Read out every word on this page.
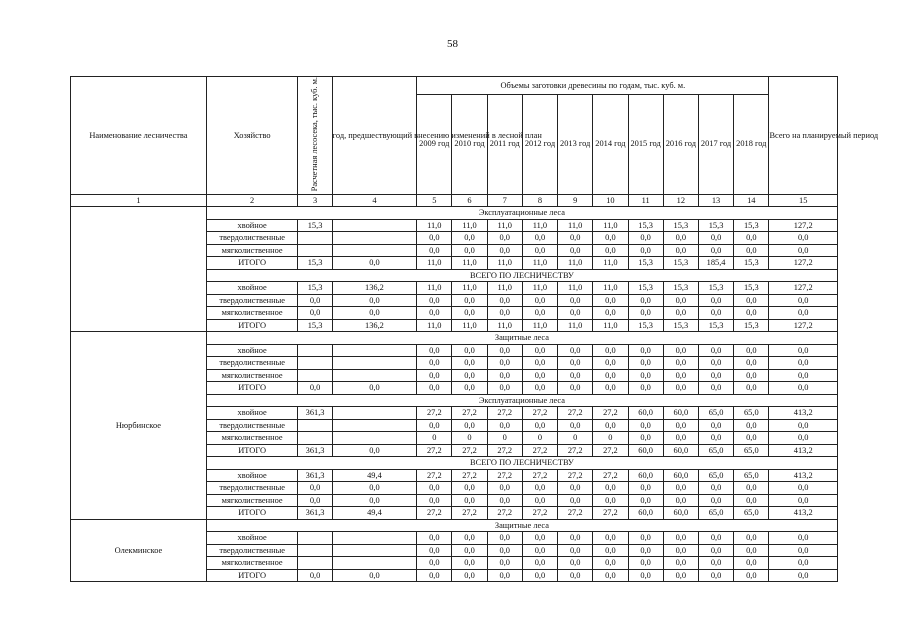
58
Наименование лесничества	Хозяйство	Расчетная лесосека, тыс. куб. м.	год, предшествующий внесению изменений в лесной план	Объемы заготовки древесины по годам, тыс. куб. м.										Всего на планируемый период
				2009 год	2010 год	2011 год	2012 год	2013 год	2014 год	2015 год	2016 год	2017 год	2018 год	
1	2	3	4	5	6	7	8	9	10	11	12	13	14	15
	Эксплуатационные леса													
	хвойное	15,3		11,0	11,0	11,0	11,0	11,0	11,0	15,3	15,3	15,3	15,3	127,2
	твердолиственные			0,0	0,0	0,0	0,0	0,0	0,0	0,0	0,0	0,0	0,0	0,0
	мягколиственное			0,0	0,0	0,0	0,0	0,0	0,0	0,0	0,0	0,0	0,0	0,0
	ИТОГО	15,3	0,0	11,0	11,0	11,0	11,0	11,0	11,0	15,3	15,3	185,4	15,3	127,2
	ВСЕГО ПО ЛЕСНИЧЕСТВУ													
	хвойное	15,3	136,2	11,0	11,0	11,0	11,0	11,0	11,0	15,3	15,3	15,3	15,3	127,2
	твердолиственные	0,0	0,0	0,0	0,0	0,0	0,0	0,0	0,0	0,0	0,0	0,0	0,0	0,0
	мягколиственное	0,0	0,0	0,0	0,0	0,0	0,0	0,0	0,0	0,0	0,0	0,0	0,0	0,0
	ИТОГО	15,3	136,2	11,0	11,0	11,0	11,0	11,0	11,0	15,3	15,3	15,3	15,3	127,2
Нюрбинское	Защитные леса													
	хвойное			0,0	0,0	0,0	0,0	0,0	0,0	0,0	0,0	0,0	0,0	0,0
	твердолиственные			0,0	0,0	0,0	0,0	0,0	0,0	0,0	0,0	0,0	0,0	0,0
	мягколиственное			0,0	0,0	0,0	0,0	0,0	0,0	0,0	0,0	0,0	0,0	0,0
	ИТОГО	0,0	0,0	0,0	0,0	0,0	0,0	0,0	0,0	0,0	0,0	0,0	0,0	0,0
	Эксплуатационные леса													
	хвойное	361,3		27,2	27,2	27,2	27,2	27,2	27,2	60,0	60,0	65,0	65,0	413,2
	твердолиственные			0,0	0,0	0,0	0,0	0,0	0,0	0,0	0,0	0,0	0,0	0,0
	мягколиственное			0	0	0	0	0	0	0,0	0,0	0,0	0,0	0,0
	ИТОГО	361,3	0,0	27,2	27,2	27,2	27,2	27,2	27,2	60,0	60,0	65,0	65,0	413,2
	ВСЕГО ПО ЛЕСНИЧЕСТВУ													
	хвойное	361,3	49,4	27,2	27,2	27,2	27,2	27,2	27,2	60,0	60,0	65,0	65,0	413,2
	твердолиственные	0,0	0,0	0,0	0,0	0,0	0,0	0,0	0,0	0,0	0,0	0,0	0,0	0,0
	мягколиственное	0,0	0,0	0,0	0,0	0,0	0,0	0,0	0,0	0,0	0,0	0,0	0,0	0,0
	ИТОГО	361,3	49,4	27,2	27,2	27,2	27,2	27,2	27,2	60,0	60,0	65,0	65,0	413,2
Олекминское	Защитные леса													
	хвойное			0,0	0,0	0,0	0,0	0,0	0,0	0,0	0,0	0,0	0,0	0,0
	твердолиственные			0,0	0,0	0,0	0,0	0,0	0,0	0,0	0,0	0,0	0,0	0,0
	мягколиственное			0,0	0,0	0,0	0,0	0,0	0,0	0,0	0,0	0,0	0,0	0,0
	ИТОГО	0,0	0,0	0,0	0,0	0,0	0,0	0,0	0,0	0,0	0,0	0,0	0,0	0,0
